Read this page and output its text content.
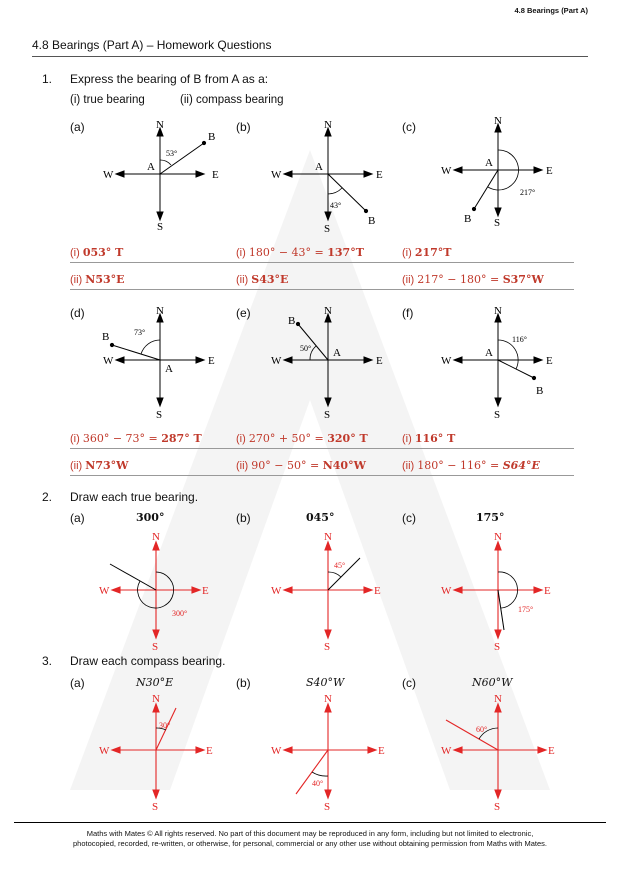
4.8 Bearings (Part A)
4.8 Bearings (Part A) – Homework Questions
1. Express the bearing of B from A as a:
(i) true bearing	(ii) compass bearing
(a)	(b)	(c)
N
E
S
W
A
B
53°
N
E
S
W
A
B
43°
N
E
S
W
A
B
217°
(i) 053° T
(ii) N53°E
(i) 180° − 43° = 137°T
(ii) S43°E
(i) 217°T
(ii) 217° − 180° = S37°W
(d)	(e)	(f)
N
E
S
W
A
B	73°
N
E
S
W
A
B
50°
N
E
S
W
A
B
116°
(i) 360° − 73° = 287° T
(ii) N73°W
(i) 270° + 50° = 320° T
(ii) 90° − 50° = N40°W
(i) 116° T
(ii) 180° − 116° = S64°E
2. Draw each true bearing.
(a)	(b)	(c)
300°	045°	175°
N
E
S
W
300°
N
E
S
W
45°
N
E
S
W
175°
3. Draw each compass bearing.
(a)	(b)	(c)
N30°E	S40°W	N60°W
N
E
S
W
30°
N
E
S
W
40°
N
E
S
W
60°
Maths with Mates © All rights reserved. No part of this document may be reproduced in any form, including but not limited to electronic,
photocopied, recorded, re-written, or otherwise, for personal, commercial or any other use without obtaining permission from Maths with Mates.
